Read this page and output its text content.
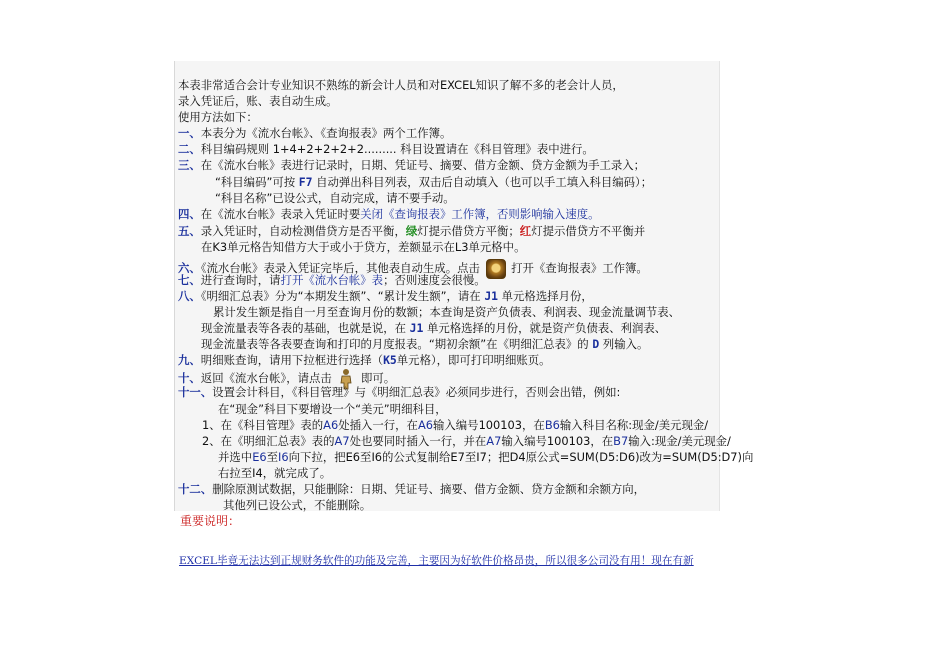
本表非常适合会计专业知识不熟练的新会计人员和对EXCEL知识了解不多的老会计人员，
录入凭证后，账、表自动生成。
使用方法如下：
一、本表分为《流水台帐》、《查询报表》两个工作簿。
二、科目编码规则 1+4+2+2+2+2......... 科目设置请在《科目管理》表中进行。
三、在《流水台帐》表进行记录时，日期、凭证号、摘要、借方金额、贷方金额为手工录入；
“科目编码”可按 F7 自动弹出科目列表，双击后自动填入（也可以手工填入科目编码）；
“科目名称”已设公式，自动完成，请不要手动。
四、在《流水台帐》表录入凭证时要关闭《查询报表》工作簿，否则影响输入速度。
五、录入凭证时，自动检测借贷方是否平衡，绿灯提示借贷方平衡；红灯提示借贷方不平衡并
在K3单元格告知借方大于或小于贷方，差额显示在L3单元格中。
六、《流水台帐》表录入凭证完毕后，其他表自动生成。点击  打开《查询报表》工作簿。
七、进行查询时，请打开《流水台帐》表；否则速度会很慢。
八、《明细汇总表》分为“本期发生额”、“累计发生额”，请在 J1 单元格选择月份，
累计发生额是指自一月至查询月份的数额；本查询是资产负债表、利润表、现金流量调节表、
现金流量表等各表的基础，也就是说，在 J1 单元格选择的月份，就是资产负债表、利润表、
现金流量表等各表要查询和打印的月度报表。“期初余额”在《明细汇总表》的 D 列输入。
九、明细账查询，请用下拉框进行选择（K5单元格），即可打印明细账页。
十、返回《流水台帐》，请点击  即可。
十一、设置会计科目，《科目管理》与《明细汇总表》必须同步进行，否则会出错，例如:
在“现金”科目下要增设一个“美元”明细科目，
1、在《科目管理》表的A6处插入一行，在A6输入编号100103，在B6输入科目名称:现金/美元现金/
2、在《明细汇总表》表的A7处也要同时插入一行，并在A7输入编号100103，在B7输入:现金/美元现金/
并选中E6至I6向下拉，把E6至I6的公式复制给E7至I7；把D4原公式=SUM(D5:D6)改为=SUM(D5:D7)向
右拉至I4，就完成了。
十二、删除原测试数据，只能删除：日期、凭证号、摘要、借方金额、贷方金额和余额方向，
其他列已设公式，不能删除。
重要说明：
EXCEL毕竟无法达到正规财务软件的功能及完善，主要因为好软件价格昂贵，所以很多公司没有用！现在有新
